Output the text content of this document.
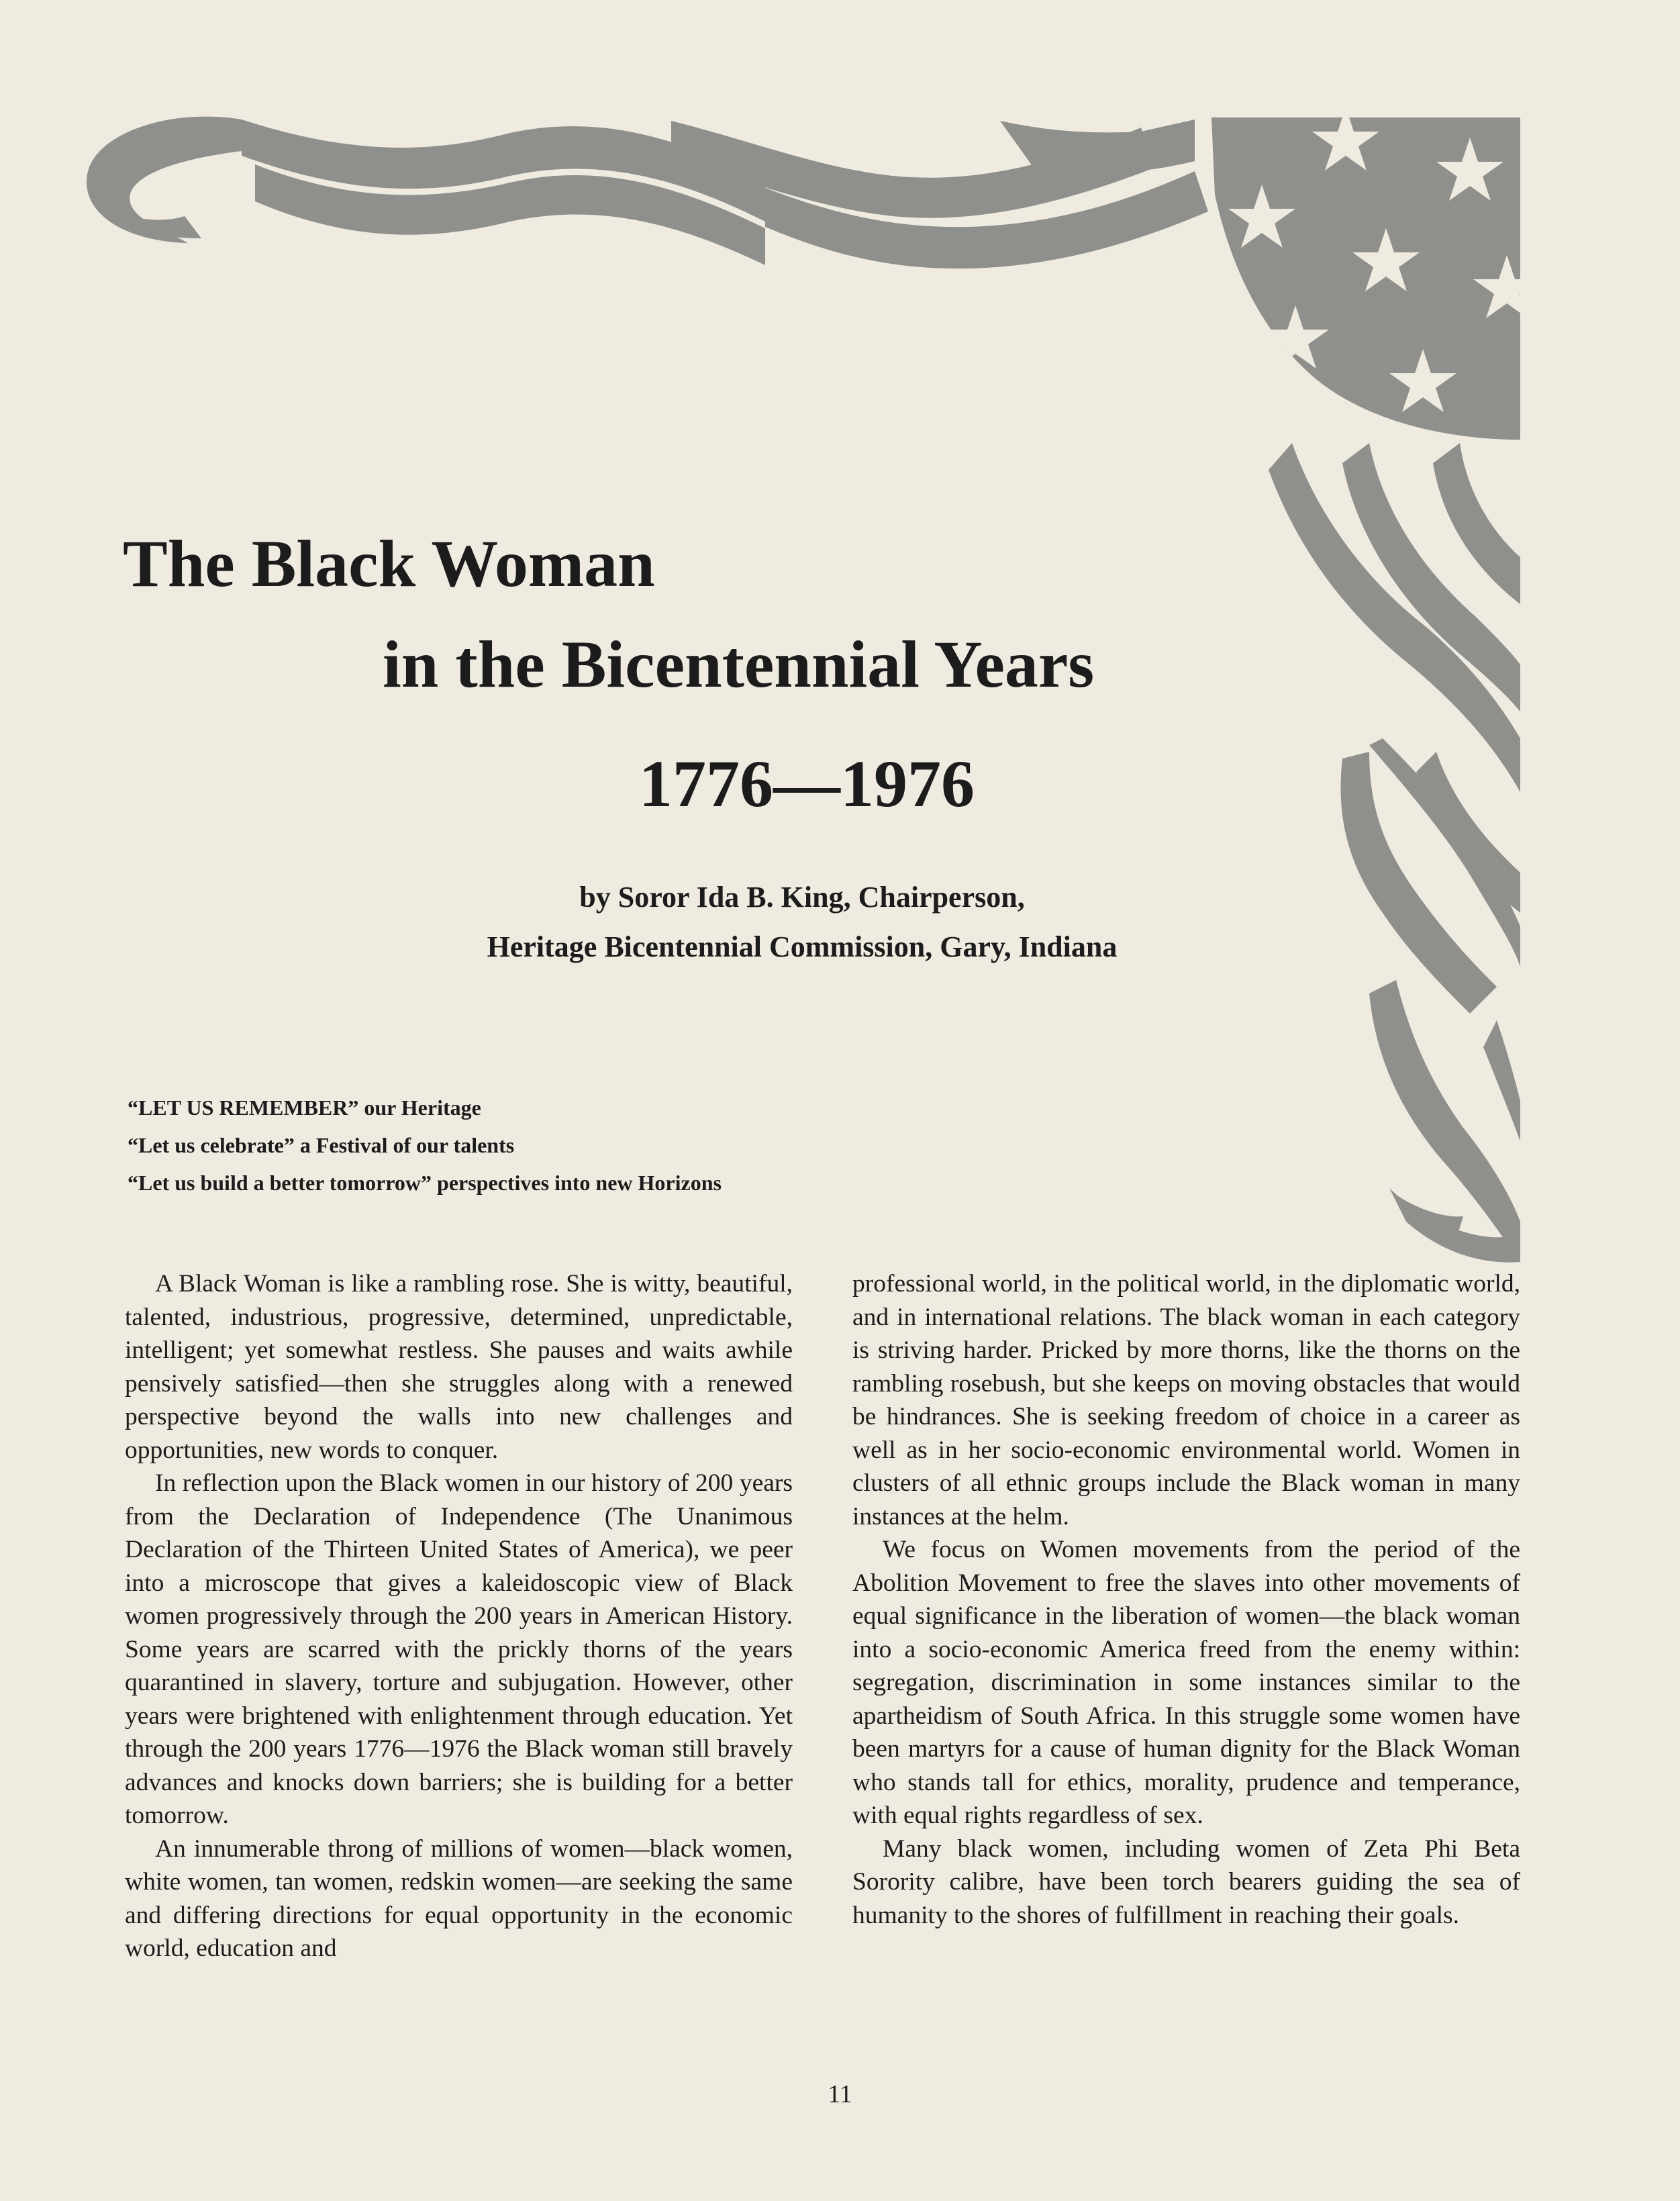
The Black Woman
in the Bicentennial Years
1776—1976
by Soror Ida B. King, Chairperson,
Heritage Bicentennial Commission, Gary, Indiana
“LET US REMEMBER” our Heritage
“Let us celebrate” a Festival of our talents
“Let us build a better tomorrow” perspectives into new Horizons

A Black Woman is like a rambling rose. She is witty, beautiful, talented, industrious, progressive, determined, unpredictable, intelligent; yet somewhat restless. She pauses and waits awhile pensively satisfied—then she struggles along with a renewed perspective beyond the walls into new challenges and opportunities, new words to conquer.

In reflection upon the Black women in our history of 200 years from the Declaration of Independence (The Unanimous Declaration of the Thirteen United States of America), we peer into a microscope that gives a kaleidoscopic view of Black women progressively through the 200 years in American History. Some years are scarred with the prickly thorns of the years quarantined in slavery, torture and subjugation. However, other years were brightened with enlightenment through education. Yet through the 200 years 1776—1976 the Black woman still bravely advances and knocks down barriers; she is building for a better tomorrow.

An innumerable throng of millions of women—black women, white women, tan women, redskin women—are seeking the same and differing directions for equal opportunity in the economic world, education and

professional world, in the political world, in the diplomatic world, and in international relations. The black woman in each category is striving harder. Pricked by more thorns, like the thorns on the rambling rosebush, but she keeps on moving obstacles that would be hindrances. She is seeking freedom of choice in a career as well as in her socio-economic environmental world. Women in clusters of all ethnic groups include the Black woman in many instances at the helm.

We focus on Women movements from the period of the Abolition Movement to free the slaves into other movements of equal significance in the liberation of women—the black woman into a socio-economic America freed from the enemy within: segregation, discrimination in some instances similar to the apartheidism of South Africa. In this struggle some women have been martyrs for a cause of human dignity for the Black Woman who stands tall for ethics, morality, prudence and temperance, with equal rights regardless of sex.

Many black women, including women of Zeta Phi Beta Sorority calibre, have been torch bearers guiding the sea of humanity to the shores of fulfillment in reaching their goals.

11
